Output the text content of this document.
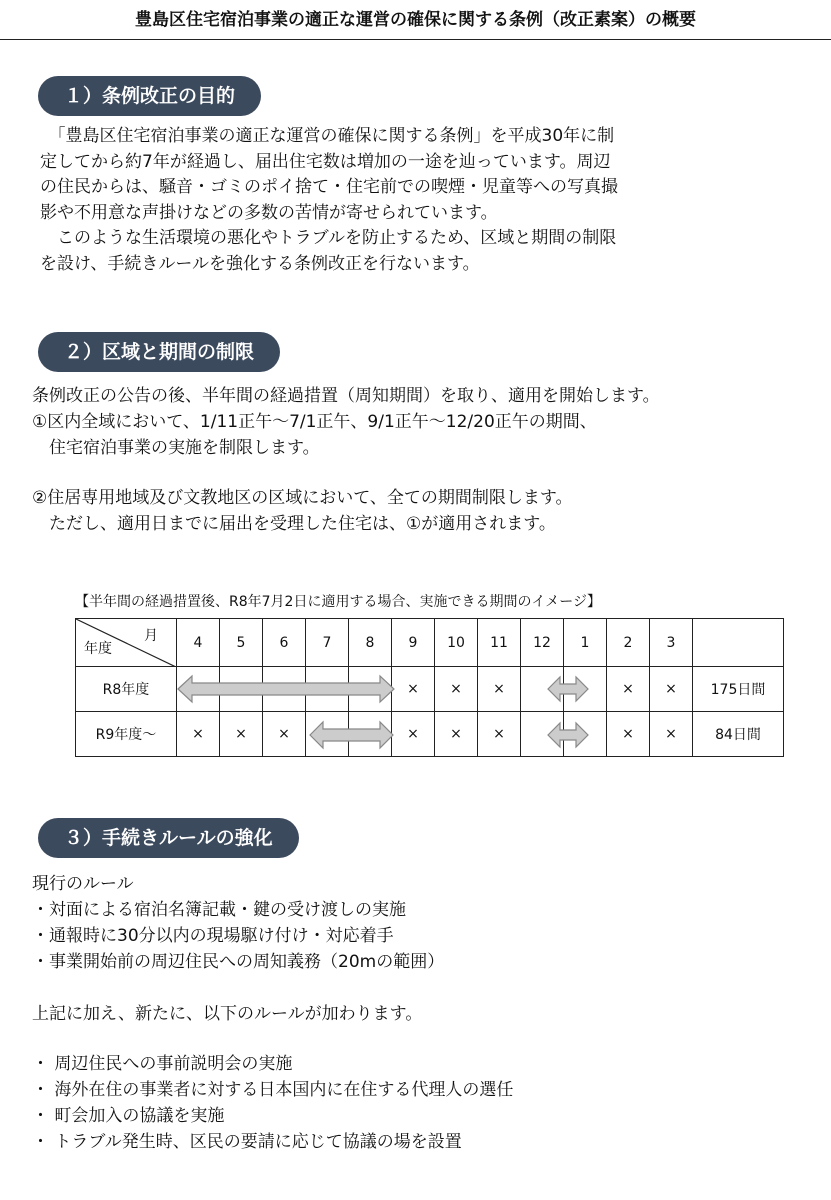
豊島区住宅宿泊事業の適正な運営の確保に関する条例（改正素案）の概要
１）条例改正の目的

　「豊島区住宅宿泊事業の適正な運営の確保に関する条例」を平成30年に制
定してから約7年が経過し、届出住宅数は増加の一途を辿っています。周辺
の住民からは、騒音・ゴミのポイ捨て・住宅前での喫煙・児童等への写真撮
影や不用意な声掛けなどの多数の苦情が寄せられています。
　このような生活環境の悪化やトラブルを防止するため、区域と期間の制限
を設け、手続きルールを強化する条例改正を行ないます。

２）区域と期間の制限
条例改正の公告の後、半年間の経過措置（周知期間）を取り、適用を開始します。
①区内全域において、1/11正午～7/1正午、9/1正午～12/20正午の期間、
　住宅宿泊事業の実施を制限します。
②住居専用地域及び文教地区の区域において、全ての期間制限します。
　ただし、適用日までに届出を受理した住宅は、①が適用されます。
【半年間の経過措置後、R8年7月2日に適用する場合、実施できる期間のイメージ】
月
年度	4	5	6	7	8	9	10	11	12	1	2	3	
R8年度						×	×	×			×	×	175日間
R9年度～	×	×	×			×	×	×			×	×	84日間
３）手続きルールの強化
現行のルール
・対面による宿泊名簿記載・鍵の受け渡しの実施
・通報時に30分以内の現場駆け付け・対応着手
・事業開始前の周辺住民への周知義務（20mの範囲）
上記に加え、新たに、以下のルールが加わります。
・ 周辺住民への事前説明会の実施
・ 海外在住の事業者に対する日本国内に在住する代理人の選任
・ 町会加入の協議を実施
・ トラブル発生時、区民の要請に応じて協議の場を設置
